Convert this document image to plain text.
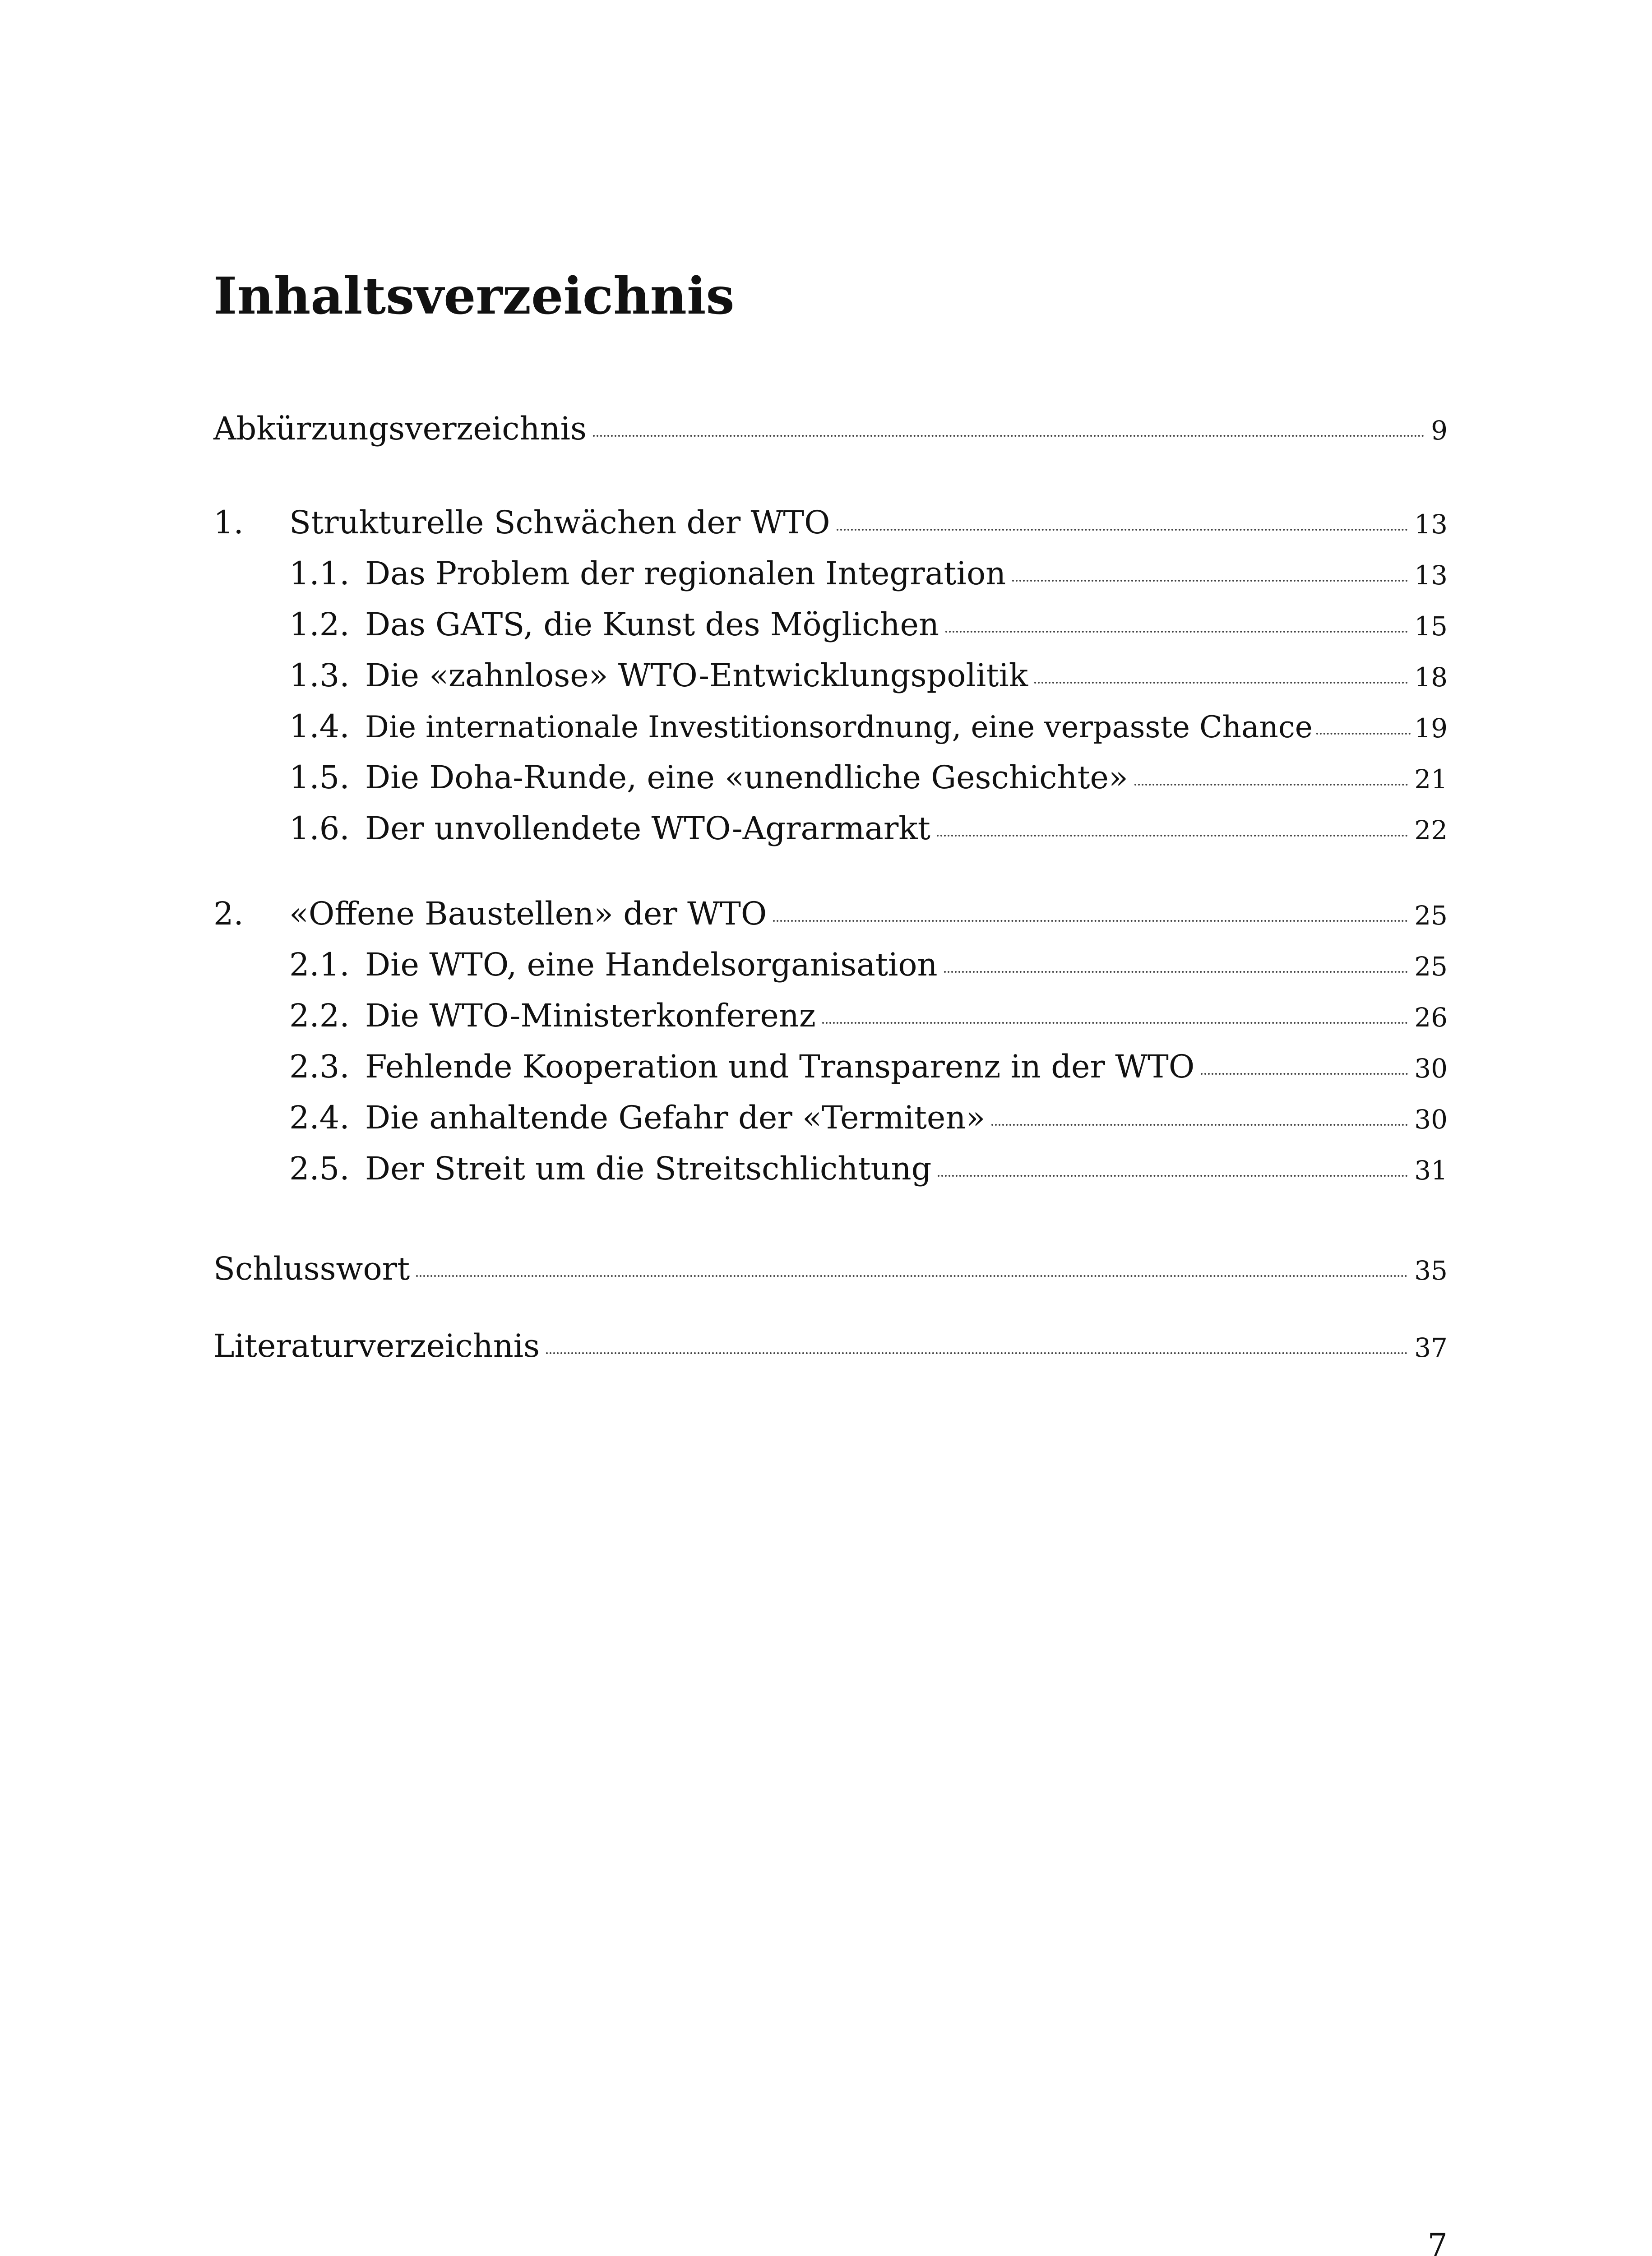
Inhaltsverzeichnis
Abkürzungsverzeichnis	9
1.	Strukturelle Schwächen der WTO	13
1.1. Das Problem der regionalen Integration	13
1.2. Das GATS, die Kunst des Möglichen	15
1.3. Die «zahnlose» WTO-Entwicklungspolitik	18
1.4. Die internationale Investitionsordnung, eine verpasste Chance	19
1.5. Die Doha-Runde, eine «unendliche Geschichte»	21
1.6. Der unvollendete WTO-Agrarmarkt	22
2.	«Offene Baustellen» der WTO	25
2.1. Die WTO, eine Handelsorganisation	25
2.2. Die WTO-Ministerkonferenz	26
2.3. Fehlende Kooperation und Transparenz in der WTO	30
2.4. Die anhaltende Gefahr der «Termiten»	30
2.5. Der Streit um die Streitschlichtung	31
Schlusswort	35
Literaturverzeichnis	37
7
